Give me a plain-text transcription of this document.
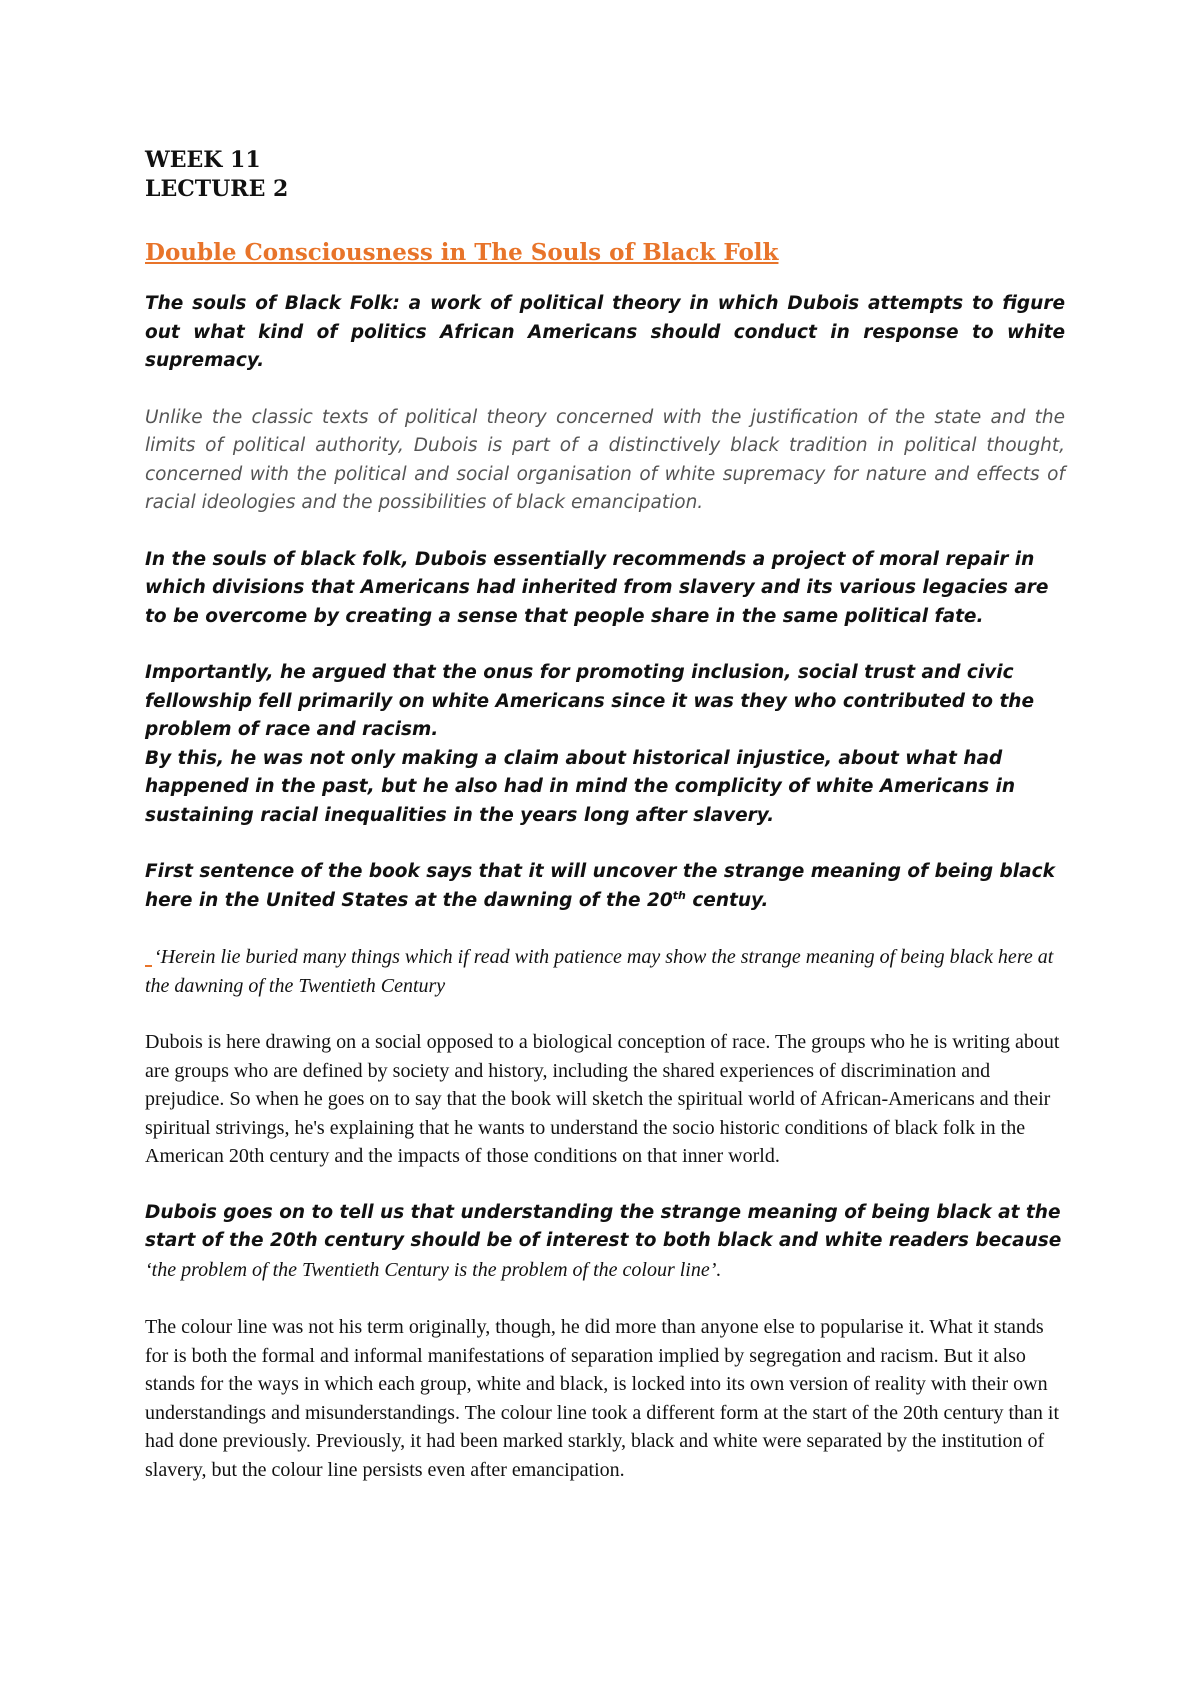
WEEK 11

LECTURE 2

Double Consciousness in The Souls of Black Folk

The souls of Black Folk: a work of political theory in which Dubois attempts to figure out what kind of politics African Americans should conduct in response to white supremacy.

Unlike the classic texts of political theory concerned with the justification of the state and the limits of political authority, Dubois is part of a distinctively black tradition in political thought, concerned with the political and social organisation of white supremacy for nature and effects of racial ideologies and the possibilities of black emancipation.

In the souls of black folk, Dubois essentially recommends a project of moral repair in which divisions that Americans had inherited from slavery and its various legacies are to be overcome by creating a sense that people share in the same political fate.

Importantly, he argued that the onus for promoting inclusion, social trust and civic fellowship fell primarily on white Americans since it was they who contributed to the problem of race and racism.

By this, he was not only making a claim about historical injustice, about what had happened in the past, but he also had in mind the complicity of white Americans in sustaining racial inequalities in the years long after slavery.

First sentence of the book says that it will uncover the strange meaning of being black here in the United States at the dawning of the 20th centuy.

‘Herein lie buried many things which if read with patience may show the strange meaning of being black here at the dawning of the Twentieth Century

Dubois is here drawing on a social opposed to a biological conception of race. The groups who he is writing about are groups who are defined by society and history, including the shared experiences of discrimination and prejudice. So when he goes on to say that the book will sketch the spiritual world of African-Americans and their spiritual strivings, he's explaining that he wants to understand the socio historic conditions of black folk in the American 20th century and the impacts of those conditions on that inner world.

Dubois goes on to tell us that understanding the strange meaning of being black at the start of the 20th century should be of interest to both black and white readers because ‘the problem of the Twentieth Century is the problem of the colour line’.

The colour line was not his term originally, though, he did more than anyone else to popularise it. What it stands for is both the formal and informal manifestations of separation implied by segregation and racism. But it also stands for the ways in which each group, white and black, is locked into its own version of reality with their own understandings and misunderstandings. The colour line took a different form at the start of the 20th century than it had done previously. Previously, it had been marked starkly, black and white were separated by the institution of slavery, but the colour line persists even after emancipation.
